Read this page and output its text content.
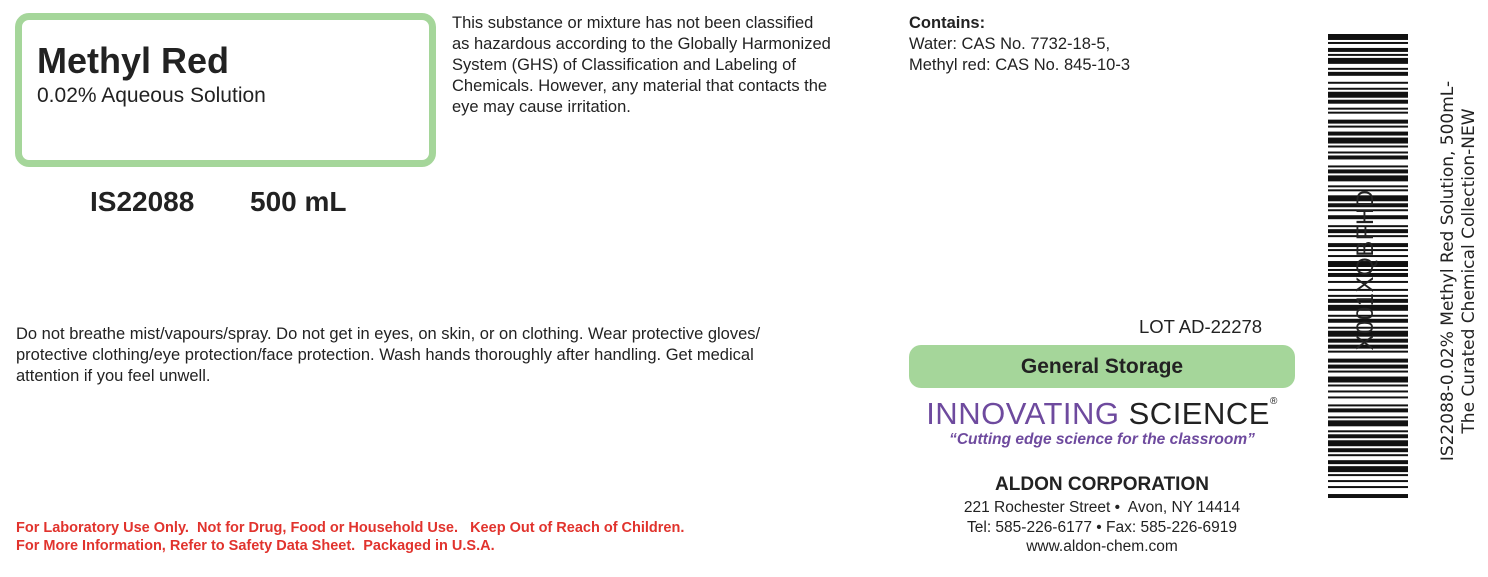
Methyl Red
0.02% Aqueous Solution
IS22088 500 mL
This substance or mixture has not been classified
as hazardous according to the Globally Harmonized
System (GHS) of Classification and Labeling of
Chemicals. However, any material that contacts the
eye may cause irritation.
Contains:
Water: CAS No. 7732-18-5,
Methyl red: CAS No. 845-10-3
Do not breathe mist/vapours/spray. Do not get in eyes, on skin, or on clothing. Wear protective gloves/
protective clothing/eye protection/face protection. Wash hands thoroughly after handling. Get medical
attention if you feel unwell.
For Laboratory Use Only.  Not for Drug, Food or Household Use.   Keep Out of Reach of Children.
For More Information, Refer to Safety Data Sheet.  Packaged in U.S.A.
LOT AD-22278
General Storage
INNOVATING SCIENCE®
“Cutting edge science for the classroom”
ALDON CORPORATION
221 Rochester Street •  Avon, NY 14414
Tel: 585-226-6177 • Fax: 585-226-6919
www.aldon-chem.com
X001XQBFHD	IS22088-0.02% Methyl Red Solution, 500mL- The Curated Chemical Collection-NEW
